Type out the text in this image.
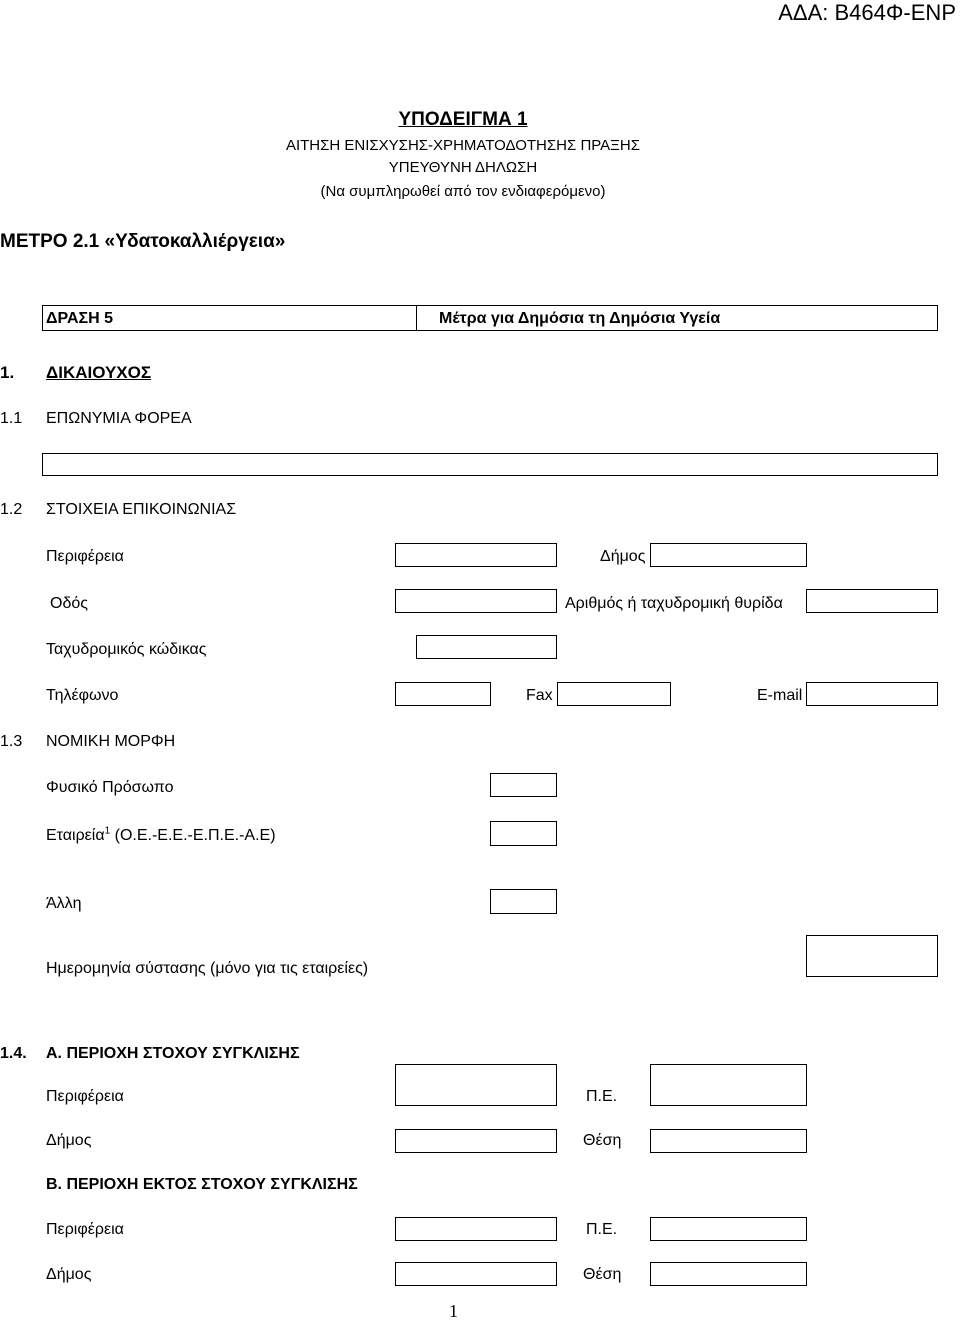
ΑΔΑ: Β464Φ-ΕΝΡ
ΥΠΟΔΕΙΓΜΑ 1
ΑΙΤΗΣΗ ΕΝΙΣΧΥΣΗΣ-ΧΡΗΜΑΤΟΔΟΤΗΣΗΣ ΠΡΑΞΗΣ
ΥΠΕΥΘΥΝΗ ΔΗΛΩΣΗ
(Να συμπληρωθεί από τον ενδιαφερόμενο)
ΜΕΤΡΟ 2.1 «Υδατοκαλλιέργεια»
ΔΡΑΣΗ 5	Μέτρα για Δημόσια τη Δημόσια Υγεία
1. ΔΙΚΑΙΟΥΧΟΣ
1.1 ΕΠΩΝΥΜΙΑ ΦΟΡΕΑ
1.2 ΣΤΟΙΧΕΙΑ ΕΠΙΚΟΙΝΩΝΙΑΣ
Περιφέρεια	Δήμος
Οδός	Αριθμός ή ταχυδρομική θυρίδα
Ταχυδρομικός κώδικας
Τηλέφωνο	Fax	E-mail
1.3 ΝΟΜΙΚΗ ΜΟΡΦΗ
Φυσικό Πρόσωπο
Εταιρεία$^1$ (Ο.Ε.-Ε.Ε.-Ε.Π.Ε.-Α.Ε)
Άλλη
Ημερομηνία σύστασης (μόνο για τις εταιρείες)
1.4. Α. ΠΕΡΙΟΧΗ ΣΤΟΧΟΥ ΣΥΓΚΛΙΣΗΣ
Περιφέρεια	Π.Ε.
Δήμος	Θέση
Β. ΠΕΡΙΟΧΗ ΕΚΤΟΣ ΣΤΟΧΟΥ ΣΥΓΚΛΙΣΗΣ
Περιφέρεια	Π.Ε.
Δήμος	Θέση
1
